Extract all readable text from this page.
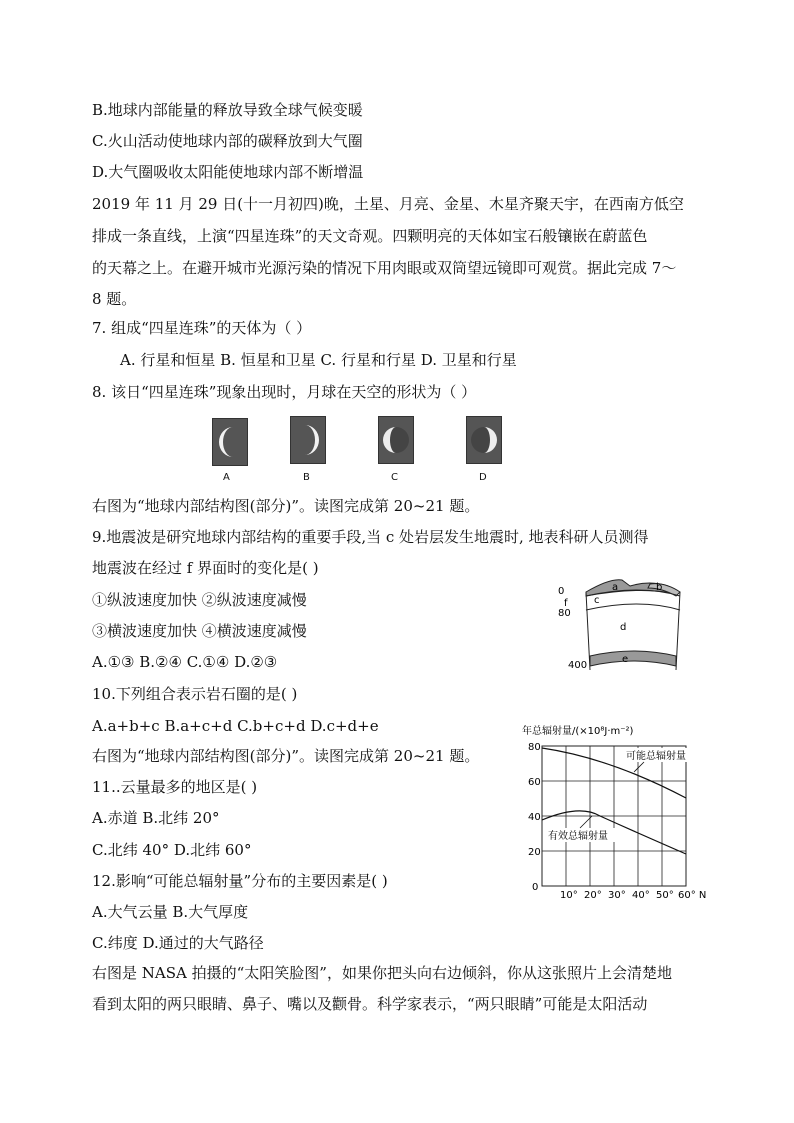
B.地球内部能量的释放导致全球气候变暖
C.火山活动使地球内部的碳释放到大气圈
D.大气圈吸收太阳能使地球内部不断增温
2019 年 11 月 29 日(十一月初四)晚，土星、月亮、金星、木星齐聚天宇，在西南方低空
排成一条直线，上演“四星连珠”的天文奇观。四颗明亮的天体如宝石般镶嵌在蔚蓝色
的天幕之上。在避开城市光源污染的情况下用肉眼或双筒望远镜即可观赏。据此完成 7～
8 题。
7. 组成“四星连珠”的天体为（ ）
A. 行星和恒星 B. 恒星和卫星 C. 行星和行星 D. 卫星和行星
8. 该日“四星连珠”现象出现时，月球在天空的形状为（ ）
A	B	C	D
右图为“地球内部结构图(部分)”。读图完成第 20~21 题。
9.地震波是研究地球内部结构的重要手段,当 c 处岩层发生地震时, 地表科研人员测得
地震波在经过 f 界面时的变化是( )
①纵波速度加快 ②纵波速度减慢
③横波速度加快 ④横波速度减慢
A.①③ B.②④ C.①④ D.②③
10.下列组合表示岩石圈的是( )
A.a+b+c B.a+c+d C.b+c+d D.c+d+e
右图为“地球内部结构图(部分)”。读图完成第 20~21 题。
11..云量最多的地区是( )
A.赤道 B.北纬 20°
C.北纬 40° D.北纬 60°
12.影响“可能总辐射量”分布的主要因素是( )
A.大气云量 B.大气厚度
C.纬度 D.通过的大气路径
右图是 NASA 拍摄的“太阳笑脸图”，如果你把头向右边倾斜，你从这张照片上会清楚地
看到太阳的两只眼睛、鼻子、嘴以及颧骨。科学家表示，“两只眼睛”可能是太阳活动
a	b
c
d
e
f
0
80
400
年总辐射量/(×10⁸J·m⁻²)
80
60
40
20
0
10° 20° 30° 40° 50° 60° N
可能总辐射量
有效总辐射量
